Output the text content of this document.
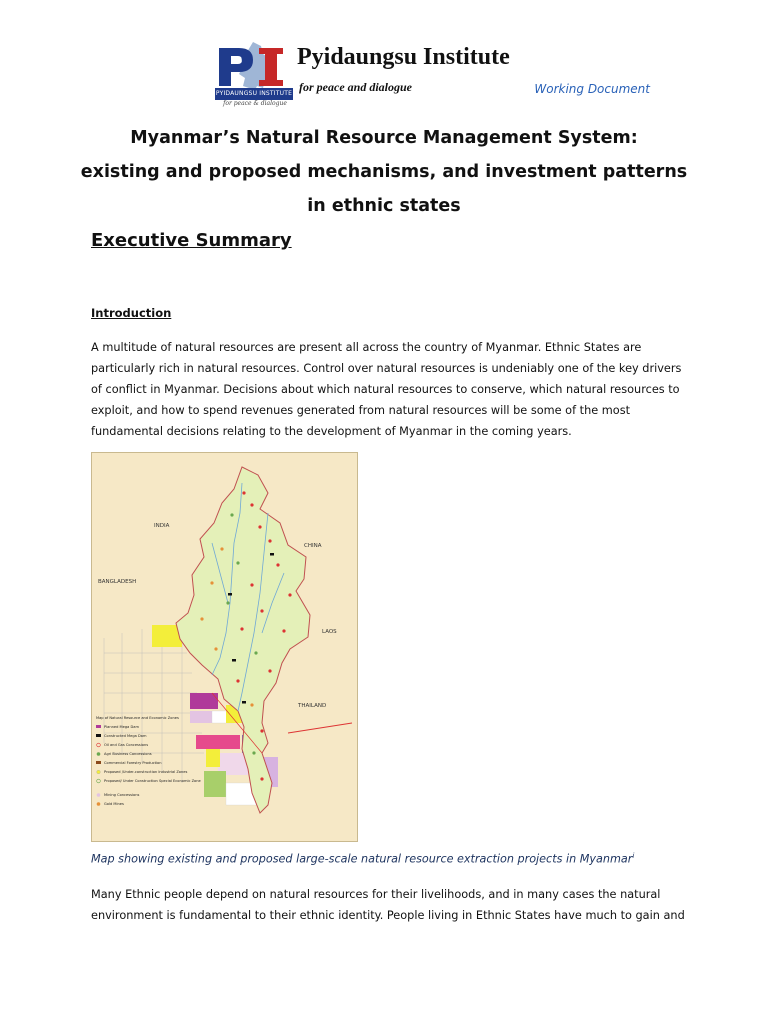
PYIDAUNGSU INSTITUTE
for peace & dialogue
Pyidaungsu Institute
for peace and dialogue	Working Document
Myanmar’s Natural Resource Management System:
existing and proposed mechanisms, and investment patterns
in ethnic states
Executive Summary
Introduction
A multitude of natural resources are present all across the country of Myanmar. Ethnic States are
particularly rich in natural resources. Control over natural resources is undeniably one of the key drivers
of conflict in Myanmar. Decisions about which natural resources to conserve, which natural resources to
exploit, and how to spend revenues generated from natural resources will be some of the most
fundamental decisions relating to the development of Myanmar in the coming years.
INDIA
CHINA
BANGLADESH
LAOS
THAILAND
Map of Natural Resource and Economic Zones
Planned Mega Dam
Constructed Mega Dam
Oil and Gas Concessions
Agri Business Concessions
Commercial Forestry Production
Proposed /Under-construction Industrial Zones
Proposed/ Under Construction Special Economic Zone
Mining Concessions
Gold Mines
Map showing existing and proposed large-scale natural resource extraction projects in Myanmar$^i$
Many Ethnic people depend on natural resources for their livelihoods, and in many cases the natural
environment is fundamental to their ethnic identity. People living in Ethnic States have much to gain and
